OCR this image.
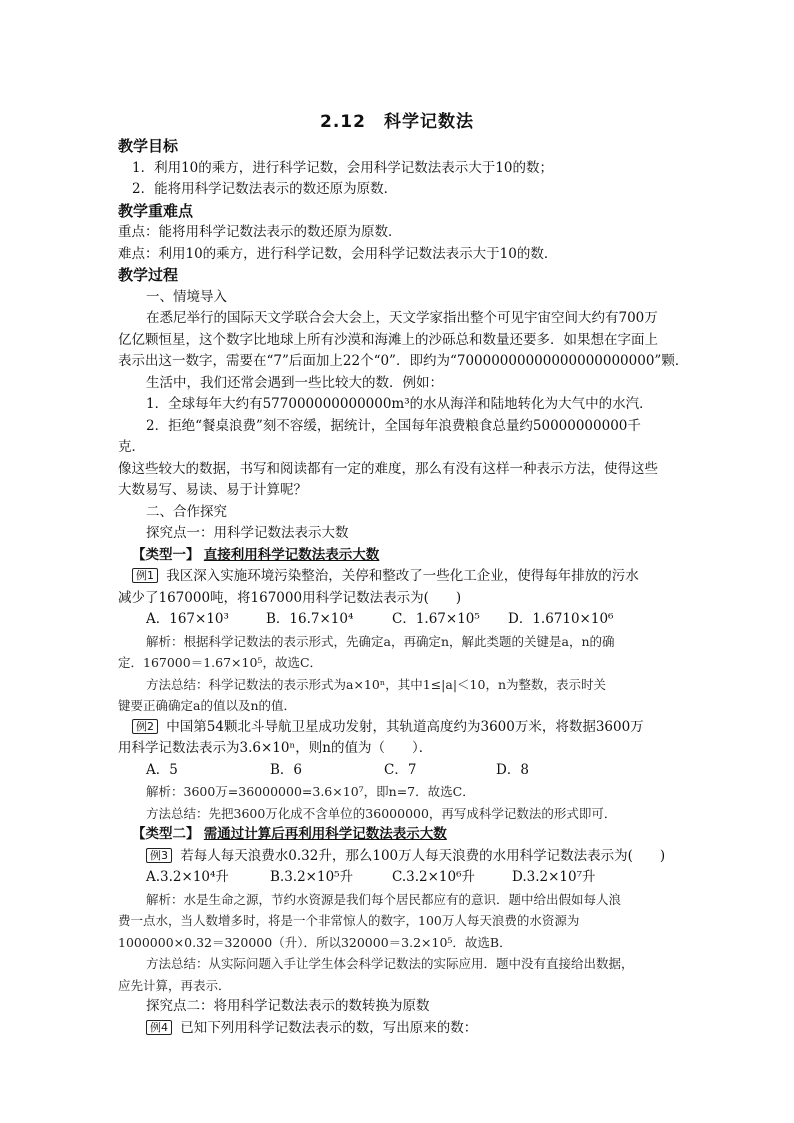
2.12　科学记数法
教学目标
1．利用10的乘方，进行科学记数，会用科学记数法表示大于10的数；
2．能将用科学记数法表示的数还原为原数．
教学重难点
重点：能将用科学记数法表示的数还原为原数．
难点：利用10的乘方，进行科学记数，会用科学记数法表示大于10的数．
教学过程
一、情境导入
在悉尼举行的国际天文学联合会大会上，天文学家指出整个可见宇宙空间大约有700万
亿亿颗恒星，这个数字比地球上所有沙漠和海滩上的沙砾总和数量还要多．如果想在字面上
表示出这一数字，需要在“7”后面加上22个“0”．即约为“70000000000000000000000”颗．
生活中，我们还常会遇到一些比较大的数．例如：
1．全球每年大约有577000000000000m³的水从海洋和陆地转化为大气中的水汽．
2．拒绝“餐桌浪费”刻不容缓，据统计，全国每年浪费粮食总量约50000000000千
克．
像这些较大的数据，书写和阅读都有一定的难度，那么有没有这样一种表示方法，使得这些
大数易写、易读、易于计算呢？
二、合作探究
探究点一：用科学记数法表示大数
【类型一】 直接利用科学记数法表示大数
例1 我区深入实施环境污染整治，关停和整改了一些化工企业，使得每年排放的污水
减少了167000吨，将167000用科学记数法表示为(　　)
A．167×10³	B．16.7×10⁴	C．1.67×10⁵	D．1.6710×10⁶
解析：根据科学记数法的表示形式，先确定a，再确定n，解此类题的关键是a，n的确
定．167000＝1.67×10⁵，故选C．
方法总结：科学记数法的表示形式为a×10ⁿ，其中1≤|a|＜10，n为整数，表示时关
键要正确确定a的值以及n的值．
例2 中国第54颗北斗导航卫星成功发射，其轨道高度约为3600万米，将数据3600万
用科学记数法表示为3.6×10ⁿ，则n的值为（　　）．
A．5	B．6	C．7	D．8
解析：3600万=36000000=3.6×10⁷，即n=7．故选C．
方法总结：先把3600万化成不含单位的36000000，再写成科学记数法的形式即可．
【类型二】 需通过计算后再利用科学记数法表示大数
例3 若每人每天浪费水0.32升，那么100万人每天浪费的水用科学记数法表示为(　　)
A.3.2×10⁴升	B.3.2×10⁵升	C.3.2×10⁶升	D.3.2×10⁷升
解析：水是生命之源，节约水资源是我们每个居民都应有的意识．题中给出假如每人浪
费一点水，当人数增多时，将是一个非常惊人的数字，100万人每天浪费的水资源为
1000000×0.32＝320000（升）．所以320000＝3.2×10⁵．故选B．
方法总结：从实际问题入手让学生体会科学记数法的实际应用．题中没有直接给出数据，
应先计算，再表示．
探究点二：将用科学记数法表示的数转换为原数
例4 已知下列用科学记数法表示的数，写出原来的数：
